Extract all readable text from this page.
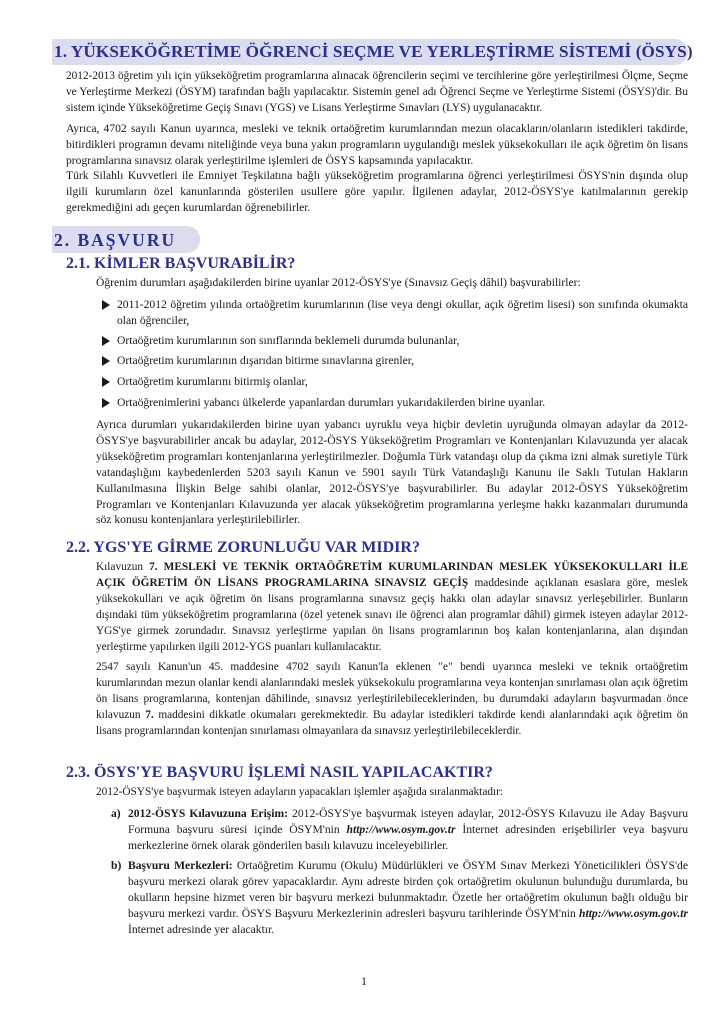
1. YÜKSEKÖĞRETİME ÖĞRENCİ SEÇME VE YERLEŞTİRME SİSTEMİ (ÖSYS)

2012-2013 öğretim yılı için yükseköğretim programlarına alınacak öğrencilerin seçimi ve tercihlerine göre yerleştirilmesi Ölçme, Seçme ve Yerleştirme Merkezi (ÖSYM) tarafından bağlı yapılacaktır. Sistemin genel adı Öğrenci Seçme ve Yerleştirme Sistemi (ÖSYS)'dir. Bu sistem içinde Yükseköğretime Geçiş Sınavı (YGS) ve Lisans Yerleştirme Sınavları (LYS) uygulanacaktır.

Ayrıca, 4702 sayılı Kanun uyarınca, mesleki ve teknik ortaöğretim kurumlarından mezun olacakların/olanların istedikleri takdirde, bitirdikleri programın devamı niteliğinde veya buna yakın programların uygulandığı meslek yüksekokulları ile açık öğretim ön lisans programlarına sınavsız olarak yerleştirilme işlemleri de ÖSYS kapsamında yapılacaktır.

Türk Silahlı Kuvvetleri ile Emniyet Teşkilatına bağlı yükseköğretim programlarına öğrenci yerleştirilmesi ÖSYS'nin dışında olup ilgili kurumların özel kanunlarında gösterilen usullere göre yapılır. İlgilenen adaylar, 2012-ÖSYS'ye katılmalarının gerekip gerekmediğini adı geçen kurumlardan öğrenebilirler.

2. BAŞVURU
2.1. KİMLER BAŞVURABİLİR?

Öğrenim durumları aşağıdakilerden birine uyanlar 2012-ÖSYS'ye (Sınavsız Geçiş dâhil) başvurabilirler:

2011-2012 öğretim yılında ortaöğretim kurumlarının (lise veya dengi okullar, açık öğretim lisesi) son sınıfında okumakta olan öğrenciler,
Ortaöğretim kurumlarının son sınıflarında beklemeli durumda bulunanlar,
Ortaöğretim kurumlarının dışarıdan bitirme sınavlarına girenler,
Ortaöğretim kurumlarını bitirmiş olanlar,
Ortaöğrenimlerini yabancı ülkelerde yapanlardan durumları yukarıdakilerden birine uyanlar.

Ayrıca durumları yukarıdakilerden birine uyan yabancı uyruklu veya hiçbir devletin uyruğunda olmayan adaylar da 2012-ÖSYS'ye başvurabilirler ancak bu adaylar, 2012-ÖSYS Yükseköğretim Programları ve Kontenjanları Kılavuzunda yer alacak yükseköğretim programları kontenjanlarına yerleştirilmezler. Doğumla Türk vatandaşı olup da çıkma izni almak suretiyle Türk vatandaşlığını kaybedenlerden 5203 sayılı Kanun ve 5901 sayılı Türk Vatandaşlığı Kanunu ile Saklı Tutulan Hakların Kullanılmasına İlişkin Belge sahibi olanlar, 2012-ÖSYS'ye başvurabilirler. Bu adaylar 2012-ÖSYS Yükseköğretim Programları ve Kontenjanları Kılavuzunda yer alacak yükseköğretim programlarına yerleşme hakkı kazanmaları durumunda söz konusu kontenjanlara yerleştirilebilirler.

2.2. YGS'YE GİRME ZORUNLUĞU VAR MIDIR?

Kılavuzun 7. MESLEKİ VE TEKNİK ORTAÖĞRETİM KURUMLARINDAN MESLEK YÜKSEKOKULLARI İLE AÇIK ÖĞRETİM ÖN LİSANS PROGRAMLARINA SINAVSIZ GEÇİŞ maddesinde açıklanan esaslara göre, meslek yüksekokulları ve açık öğretim ön lisans programlarına sınavsız geçiş hakkı olan adaylar sınavsız yerleşebilirler. Bunların dışındaki tüm yükseköğretim programlarına (özel yetenek sınavı ile öğrenci alan programlar dâhil) girmek isteyen adaylar 2012-YGS'ye girmek zorundadır. Sınavsız yerleştirme yapılan ön lisans programlarının boş kalan kontenjanlarına, alan dışından yerleştirme yapılırken ilgili 2012-YGS puanları kullanılacaktır.

2547 sayılı Kanun'un 45. maddesine 4702 sayılı Kanun'la eklenen "e" bendi uyarınca mesleki ve teknik ortaöğretim kurumlarından mezun olanlar kendi alanlarındaki meslek yüksekokulu programlarına veya kontenjan sınırlaması olan açık öğretim ön lisans programlarına, kontenjan dâhilinde, sınavsız yerleştirilebileceklerinden, bu durumdaki adayların başvurmadan önce kılavuzun 7. maddesini dikkatle okumaları gerekmektedir. Bu adaylar istedikleri takdirde kendi alanlarındaki açık öğretim ön lisans programlarından kontenjan sınırlaması olmayanlara da sınavsız yerleştirilebileceklerdir.

2.3. ÖSYS'YE BAŞVURU İŞLEMİ NASIL YAPILACAKTIR?

2012-ÖSYS'ye başvurmak isteyen adayların yapacakları işlemler aşağıda sıralanmaktadır:

a) 2012-ÖSYS Kılavuzuna Erişim: 2012-ÖSYS'ye başvurmak isteyen adaylar, 2012-ÖSYS Kılavuzu ile Aday Başvuru Formuna başvuru süresi içinde ÖSYM'nin http://www.osym.gov.tr İnternet adresinden erişebilirler veya başvuru merkezlerine örnek olarak gönderilen basılı kılavuzu inceleyebilirler.
b) Başvuru Merkezleri: Ortaöğretim Kurumu (Okulu) Müdürlükleri ve ÖSYM Sınav Merkezi Yöneticilikleri ÖSYS'de başvuru merkezi olarak görev yapacaklardır. Aynı adreste birden çok ortaöğretim okulunun bulunduğu durumlarda, bu okulların hepsine hizmet veren bir başvuru merkezi bulunmaktadır. Özetle her ortaöğretim okulunun bağlı olduğu bir başvuru merkezi vardır. ÖSYS Başvuru Merkezlerinin adresleri başvuru tarihlerinde ÖSYM'nin http://www.osym.gov.tr İnternet adresinde yer alacaktır.
1
